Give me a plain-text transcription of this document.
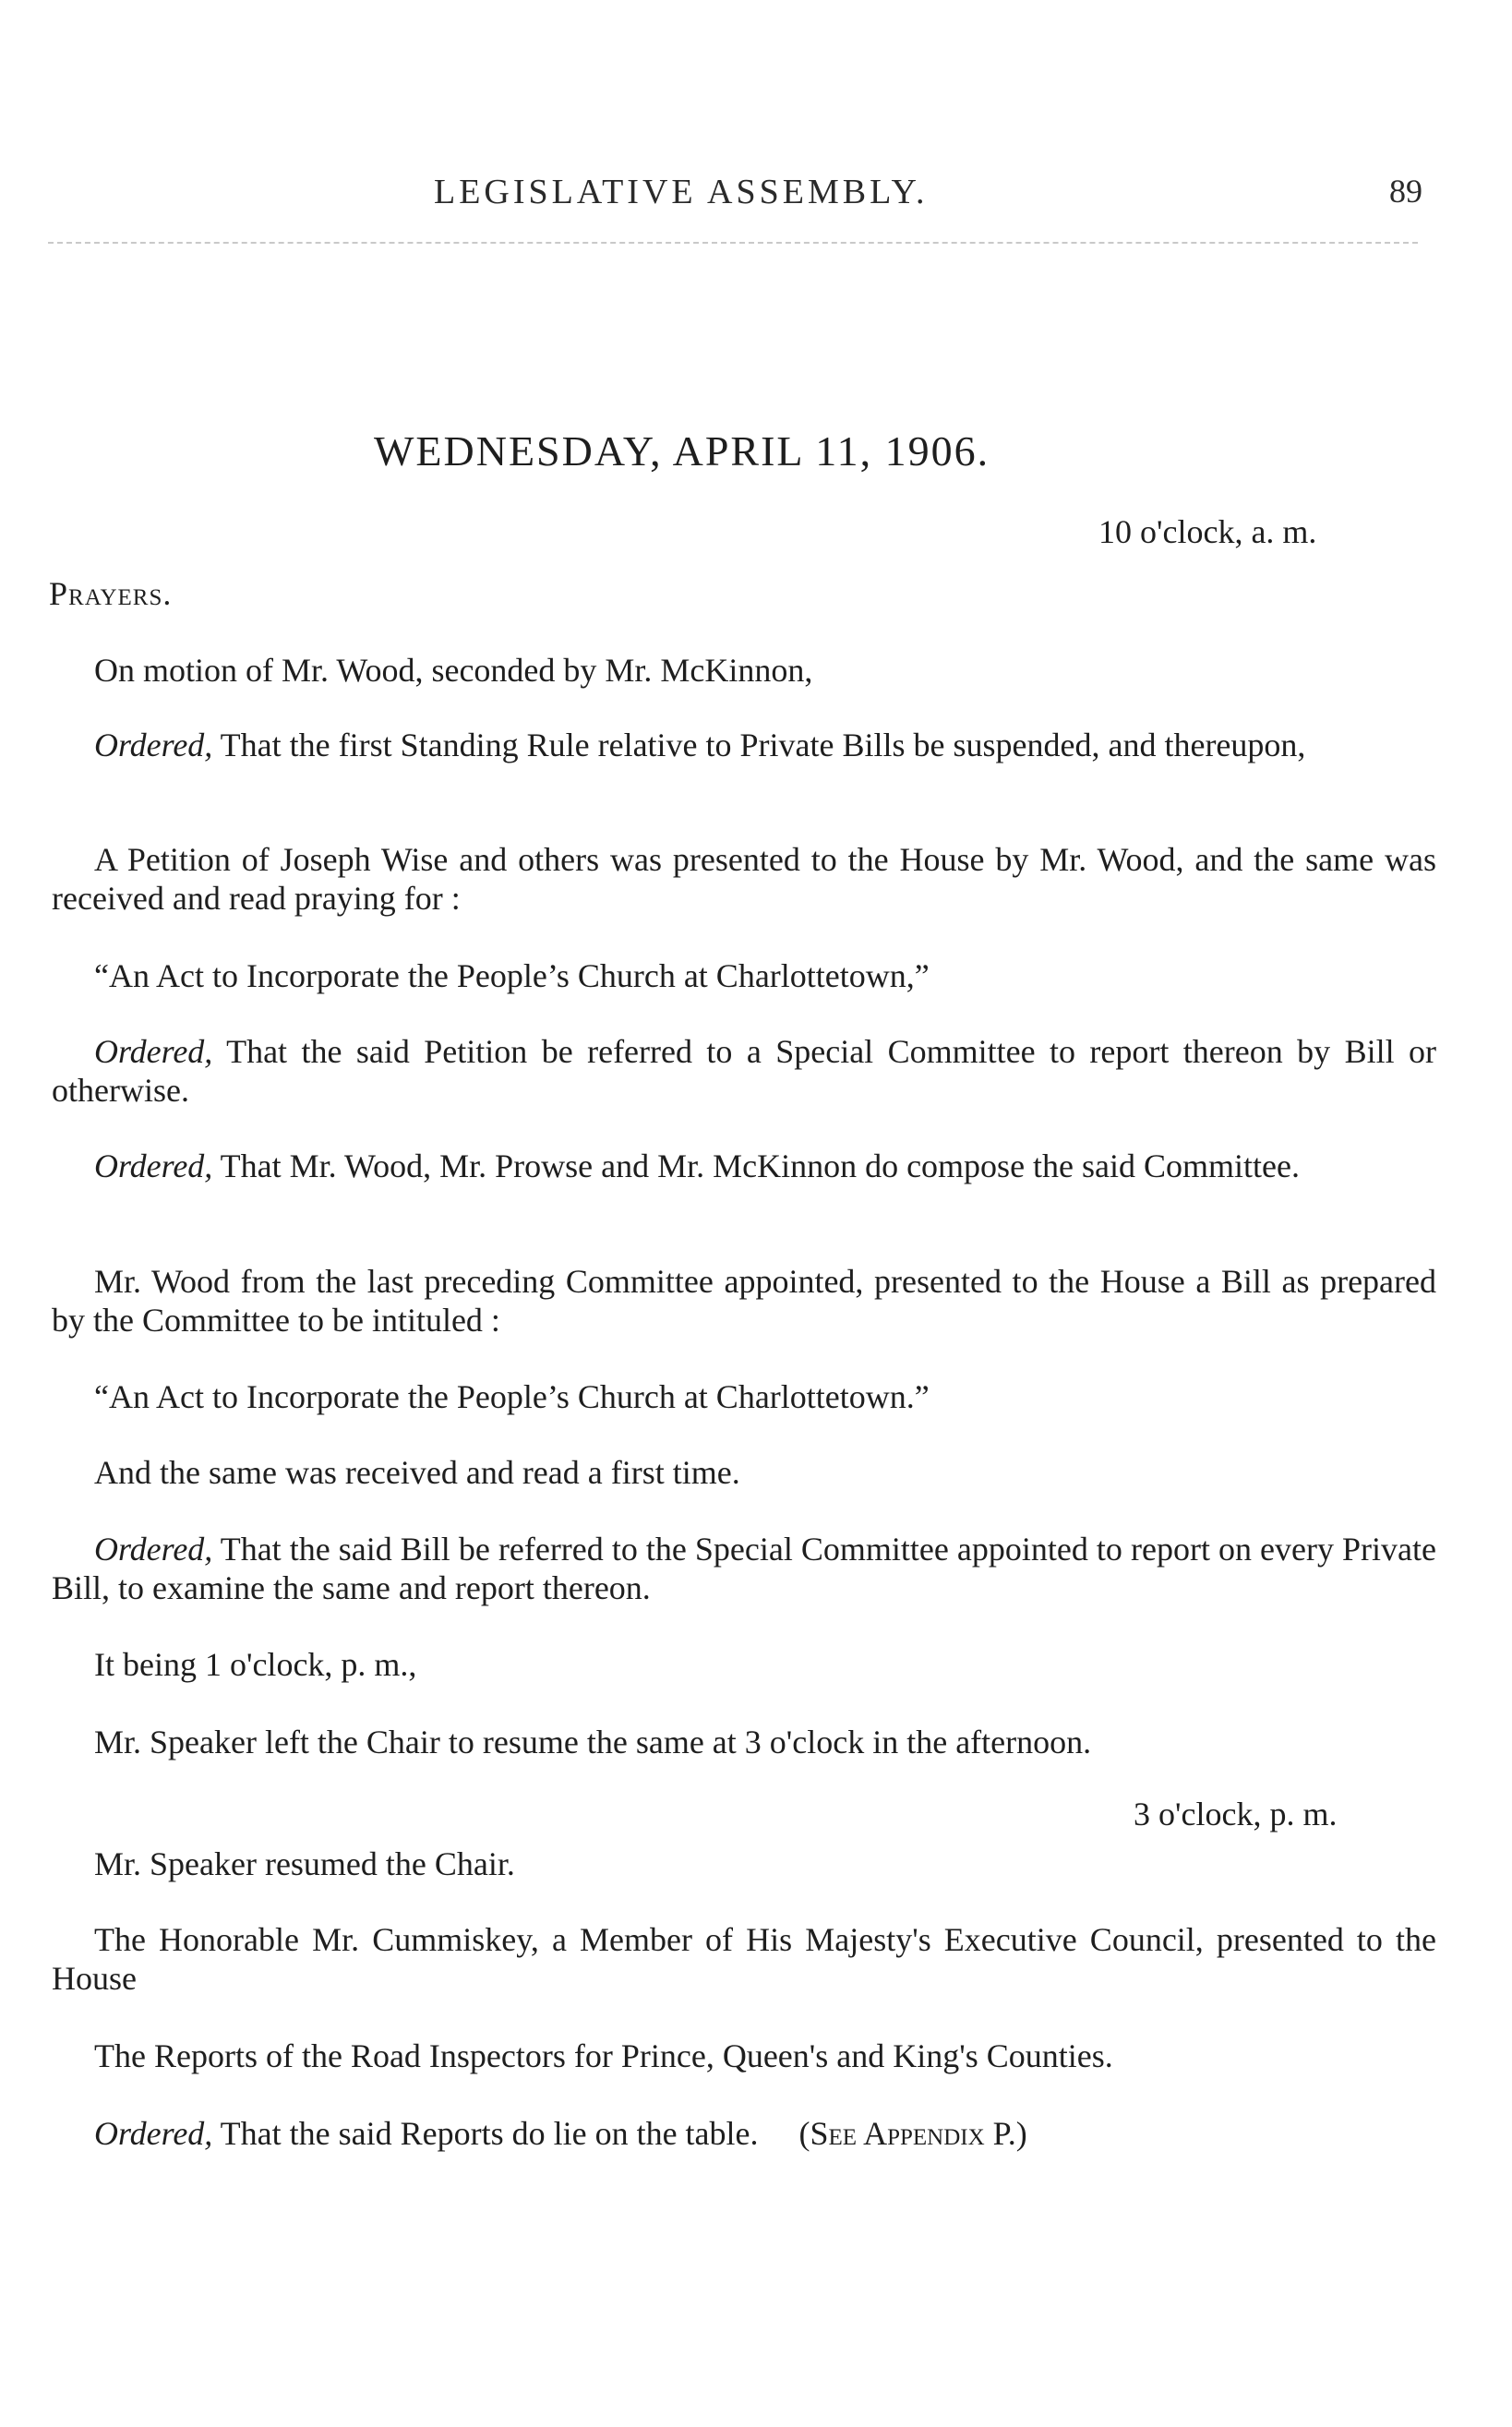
LEGISLATIVE ASSEMBLY.	89
WEDNESDAY, APRIL 11, 1906.
10 o'clock, a. m.
Prayers.

On motion of Mr. Wood, seconded by Mr. McKinnon,

Ordered, That the first Standing Rule relative to Private Bills be suspended, and thereupon,

A Petition of Joseph Wise and others was presented to the House by Mr. Wood, and the same was received and read praying for :

“An Act to Incorporate the People’s Church at Charlottetown,”

Ordered, That the said Petition be referred to a Special Committee to report thereon by Bill or otherwise.

Ordered, That Mr. Wood, Mr. Prowse and Mr. McKinnon do compose the said Committee.

Mr. Wood from the last preceding Committee appointed, presented to the House a Bill as prepared by the Committee to be intituled :

“An Act to Incorporate the People’s Church at Charlottetown.”

And the same was received and read a first time.

Ordered, That the said Bill be referred to the Special Committee appointed to report on every Private Bill, to examine the same and report thereon.

It being 1 o'clock, p. m.,

Mr. Speaker left the Chair to resume the same at 3 o'clock in the afternoon.

3 o'clock, p. m.

Mr. Speaker resumed the Chair.

The Honorable Mr. Cummiskey, a Member of His Majesty's Executive Council, presented to the House

The Reports of the Road Inspectors for Prince, Queen's and King's Counties.

Ordered, That the said Reports do lie on the table. (See Appendix P.)
